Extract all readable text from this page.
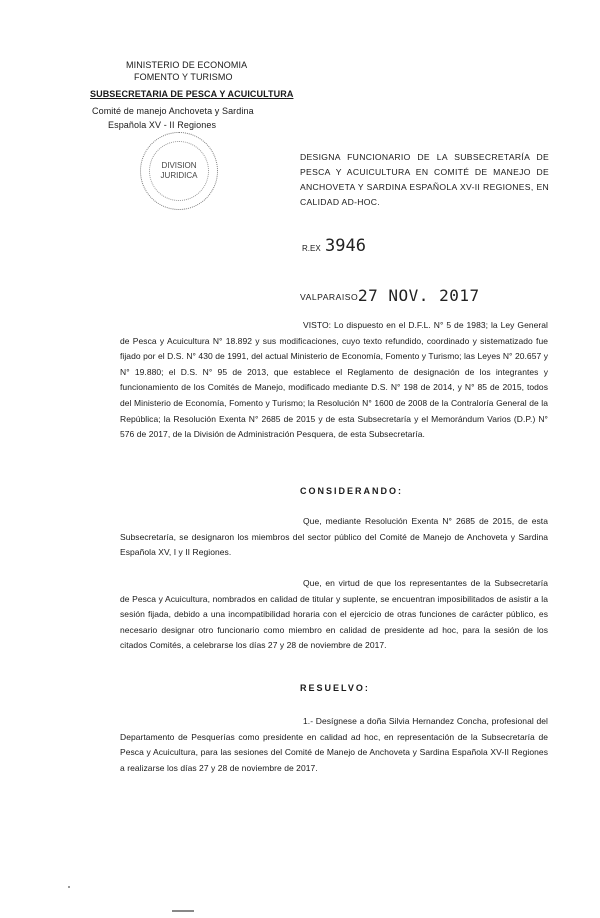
MINISTERIO DE ECONOMIA
FOMENTO Y TURISMO
SUBSECRETARIA DE PESCA Y ACUICULTURA
Comité de manejo Anchoveta y Sardina
Española XV - II Regiones
DIVISION
JURIDICA
DESIGNA FUNCIONARIO DE LA SUBSECRETARÍA DE PESCA Y ACUICULTURA EN COMITÉ DE MANEJO DE ANCHOVETA Y SARDINA ESPAÑOLA XV-II REGIONES, EN CALIDAD AD-HOC.
R.EX 3946
VALPARAISO,
27 NOV. 2017
VISTO: Lo dispuesto en el D.F.L. N° 5 de 1983; la Ley General de Pesca y Acuicultura N° 18.892 y sus modificaciones, cuyo texto refundido, coordinado y sistematizado fue fijado por el D.S. N° 430 de 1991, del actual Ministerio de Economía, Fomento y Turismo; las Leyes N° 20.657 y N° 19.880; el D.S. N° 95 de 2013, que establece el Reglamento de designación de los integrantes y funcionamiento de los Comités de Manejo, modificado mediante D.S. N° 198 de 2014, y N° 85 de 2015, todos del Ministerio de Economía, Fomento y Turismo; la Resolución N° 1600 de 2008 de la Contraloría General de la República; la Resolución Exenta N° 2685 de 2015 y de esta Subsecretaría y el Memorándum Varios (D.P.) N° 576 de 2017, de la División de Administración Pesquera, de esta Subsecretaría.
CONSIDERANDO:
Que, mediante Resolución Exenta N° 2685 de 2015, de esta Subsecretaría, se designaron los miembros del sector público del Comité de Manejo de Anchoveta y Sardina Española XV, I y II Regiones.
Que, en virtud de que los representantes de la Subsecretaría de Pesca y Acuicultura, nombrados en calidad de titular y suplente, se encuentran imposibilitados de asistir a la sesión fijada, debido a una incompatibilidad horaria con el ejercicio de otras funciones de carácter público, es necesario designar otro funcionario como miembro en calidad de presidente ad hoc, para la sesión de los citados Comités, a celebrarse los días 27 y 28 de noviembre de 2017.
RESUELVO:
1.- Desígnese a doña Silvia Hernandez Concha, profesional del Departamento de Pesquerías como presidente en calidad ad hoc, en representación de la Subsecretaría de Pesca y Acuicultura, para las sesiones del Comité de Manejo de Anchoveta y Sardina Española XV-II Regiones a realizarse los días 27 y 28 de noviembre de 2017.
